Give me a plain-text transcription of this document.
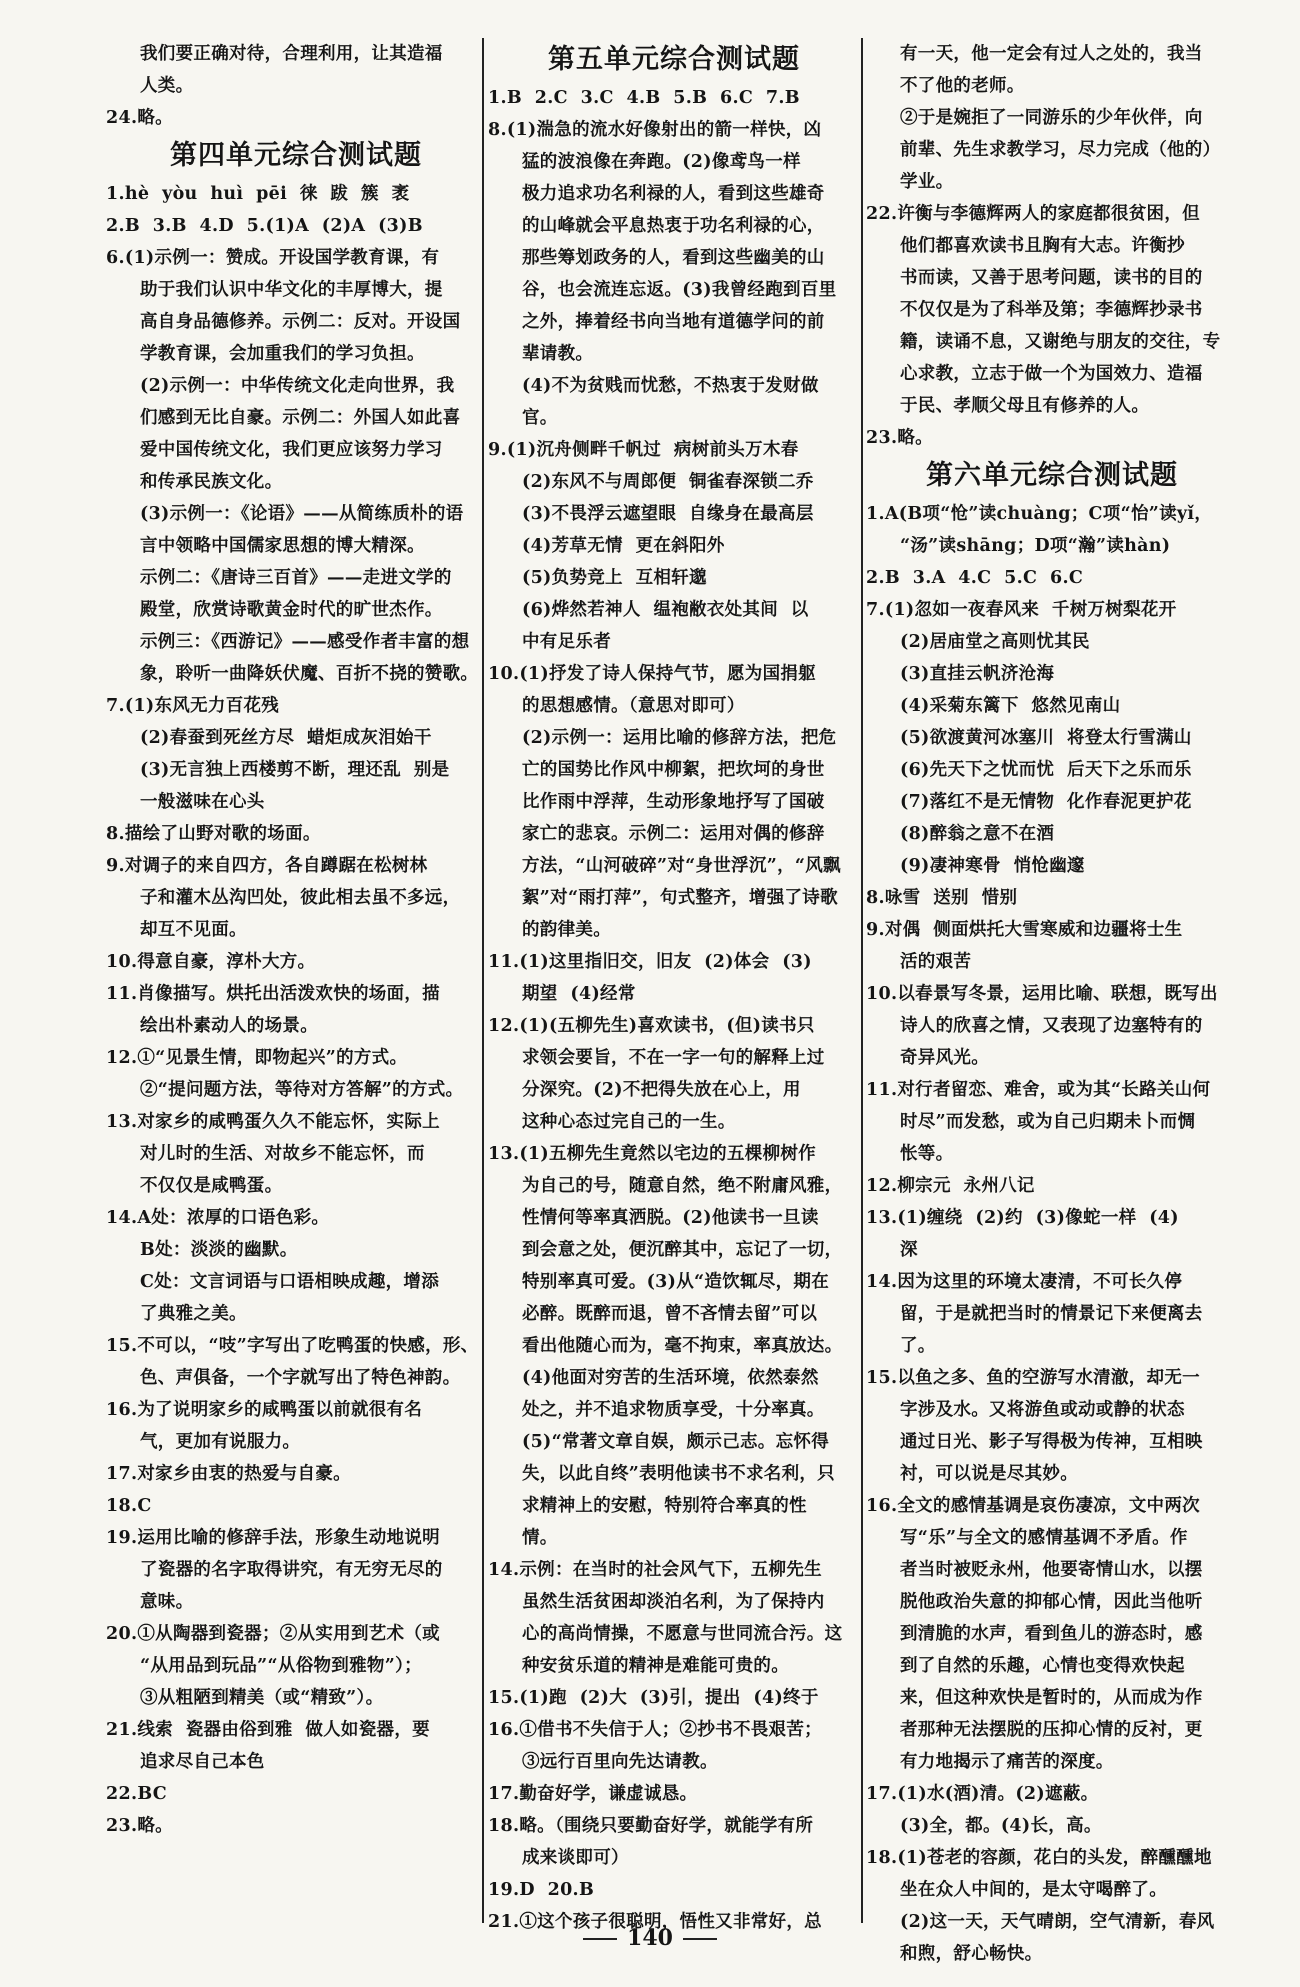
我们要正确对待，合理利用，让其造福
人类。
24.略。
第四单元综合测试题
1.hè  yòu  huì  pēi  徕  跋  簇  袤
2.B  3.B  4.D  5.(1)A  (2)A  (3)B
6.(1)示例一：赞成。开设国学教育课，有
助于我们认识中华文化的丰厚博大，提
高自身品德修养。示例二：反对。开设国
学教育课，会加重我们的学习负担。
(2)示例一：中华传统文化走向世界，我
们感到无比自豪。示例二：外国人如此喜
爱中国传统文化，我们更应该努力学习
和传承民族文化。
(3)示例一：《论语》——从简练质朴的语
言中领略中国儒家思想的博大精深。
示例二：《唐诗三百首》——走进文学的
殿堂，欣赏诗歌黄金时代的旷世杰作。
示例三：《西游记》——感受作者丰富的想
象，聆听一曲降妖伏魔、百折不挠的赞歌。
7.(1)东风无力百花残
(2)春蚕到死丝方尽  蜡炬成灰泪始干
(3)无言独上西楼剪不断，理还乱  别是
一般滋味在心头
8.描绘了山野对歌的场面。
9.对调子的来自四方，各自蹲踞在松树林
子和灌木丛沟凹处，彼此相去虽不多远，
却互不见面。
10.得意自豪，淳朴大方。
11.肖像描写。烘托出活泼欢快的场面，描
绘出朴素动人的场景。
12.①“见景生情，即物起兴”的方式。
②“提问题方法，等待对方答解”的方式。
13.对家乡的咸鸭蛋久久不能忘怀，实际上
对儿时的生活、对故乡不能忘怀，而
不仅仅是咸鸭蛋。
14.A处：浓厚的口语色彩。
B处：淡淡的幽默。
C处：文言词语与口语相映成趣，增添
了典雅之美。
15.不可以，“吱”字写出了吃鸭蛋的快感，形、
色、声俱备，一个字就写出了特色神韵。
16.为了说明家乡的咸鸭蛋以前就很有名
气，更加有说服力。
17.对家乡由衷的热爱与自豪。
18.C
19.运用比喻的修辞手法，形象生动地说明
了瓷器的名字取得讲究，有无穷无尽的
意味。
20.①从陶器到瓷器；②从实用到艺术（或
“从用品到玩品”“从俗物到雅物”）；
③从粗陋到精美（或“精致”）。
21.线索  瓷器由俗到雅  做人如瓷器，要
追求尽自己本色
22.BC
23.略。
第五单元综合测试题
1.B  2.C  3.C  4.B  5.B  6.C  7.B
8.(1)湍急的流水好像射出的箭一样快，凶
猛的波浪像在奔跑。(2)像鸢鸟一样
极力追求功名利禄的人，看到这些雄奇
的山峰就会平息热衷于功名利禄的心，
那些筹划政务的人，看到这些幽美的山
谷，也会流连忘返。(3)我曾经跑到百里
之外，捧着经书向当地有道德学问的前
辈请教。
(4)不为贫贱而忧愁，不热衷于发财做
官。
9.(1)沉舟侧畔千帆过  病树前头万木春
(2)东风不与周郎便  铜雀春深锁二乔
(3)不畏浮云遮望眼  自缘身在最高层
(4)芳草无情  更在斜阳外
(5)负势竞上  互相轩邈
(6)烨然若神人  缊袍敝衣处其间  以
中有足乐者
10.(1)抒发了诗人保持气节，愿为国捐躯
的思想感情。（意思对即可）
(2)示例一：运用比喻的修辞方法，把危
亡的国势比作风中柳絮，把坎坷的身世
比作雨中浮萍，生动形象地抒写了国破
家亡的悲哀。示例二：运用对偶的修辞
方法，“山河破碎”对“身世浮沉”，“风飘
絮”对“雨打萍”，句式整齐，增强了诗歌
的韵律美。
11.(1)这里指旧交，旧友  (2)体会  (3)
期望  (4)经常
12.(1)(五柳先生)喜欢读书，(但)读书只
求领会要旨，不在一字一句的解释上过
分深究。(2)不把得失放在心上，用
这种心态过完自己的一生。
13.(1)五柳先生竟然以宅边的五棵柳树作
为自己的号，随意自然，绝不附庸风雅，
性情何等率真洒脱。(2)他读书一旦读
到会意之处，便沉醉其中，忘记了一切，
特别率真可爱。(3)从“造饮辄尽，期在
必醉。既醉而退，曾不吝情去留”可以
看出他随心而为，毫不拘束，率真放达。
(4)他面对穷苦的生活环境，依然泰然
处之，并不追求物质享受，十分率真。
(5)“常著文章自娱，颇示己志。忘怀得
失，以此自终”表明他读书不求名利，只
求精神上的安慰，特别符合率真的性
情。
14.示例：在当时的社会风气下，五柳先生
虽然生活贫困却淡泊名利，为了保持内
心的高尚情操，不愿意与世同流合污。这
种安贫乐道的精神是难能可贵的。
15.(1)跑  (2)大  (3)引，提出  (4)终于
16.①借书不失信于人；②抄书不畏艰苦；
③远行百里向先达请教。
17.勤奋好学，谦虚诚恳。
18.略。（围绕只要勤奋好学，就能学有所
成来谈即可）
19.D  20.B
21.①这个孩子很聪明，悟性又非常好，总
有一天，他一定会有过人之处的，我当
不了他的老师。
②于是婉拒了一同游乐的少年伙伴，向
前辈、先生求教学习，尽力完成（他的）
学业。
22.许衡与李德辉两人的家庭都很贫困，但
他们都喜欢读书且胸有大志。许衡抄
书而读，又善于思考问题，读书的目的
不仅仅是为了科举及第；李德辉抄录书
籍，读诵不息，又谢绝与朋友的交往，专
心求教，立志于做一个为国效力、造福
于民、孝顺父母且有修养的人。
23.略。
第六单元综合测试题
1.A(B项“怆”读chuàng；C项“怡”读yǐ，
“汤”读shāng；D项“瀚”读hàn)
2.B  3.A  4.C  5.C  6.C
7.(1)忽如一夜春风来  千树万树梨花开
(2)居庙堂之高则忧其民
(3)直挂云帆济沧海
(4)采菊东篱下  悠然见南山
(5)欲渡黄河冰塞川  将登太行雪满山
(6)先天下之忧而忧  后天下之乐而乐
(7)落红不是无情物  化作春泥更护花
(8)醉翁之意不在酒
(9)凄神寒骨  悄怆幽邃
8.咏雪  送别  惜别
9.对偶  侧面烘托大雪寒威和边疆将士生
活的艰苦
10.以春景写冬景，运用比喻、联想，既写出
诗人的欣喜之情，又表现了边塞特有的
奇异风光。
11.对行者留恋、难舍，或为其“长路关山何
时尽”而发愁，或为自己归期未卜而惆
怅等。
12.柳宗元  永州八记
13.(1)缠绕  (2)约  (3)像蛇一样  (4)
深
14.因为这里的环境太凄清，不可长久停
留，于是就把当时的情景记下来便离去
了。
15.以鱼之多、鱼的空游写水清澈，却无一
字涉及水。又将游鱼或动或静的状态
通过日光、影子写得极为传神，互相映
衬，可以说是尽其妙。
16.全文的感情基调是哀伤凄凉，文中两次
写“乐”与全文的感情基调不矛盾。作
者当时被贬永州，他要寄情山水，以摆
脱他政治失意的抑郁心情，因此当他听
到清脆的水声，看到鱼儿的游态时，感
到了自然的乐趣，心情也变得欢快起
来，但这种欢快是暂时的，从而成为作
者那种无法摆脱的压抑心情的反衬，更
有力地揭示了痛苦的深度。
17.(1)水(酒)清。(2)遮蔽。
(3)全，都。(4)长，高。
18.(1)苍老的容颜，花白的头发，醉醺醺地
坐在众人中间的，是太守喝醉了。
(2)这一天，天气晴朗，空气清新，春风
和煦，舒心畅快。
140
